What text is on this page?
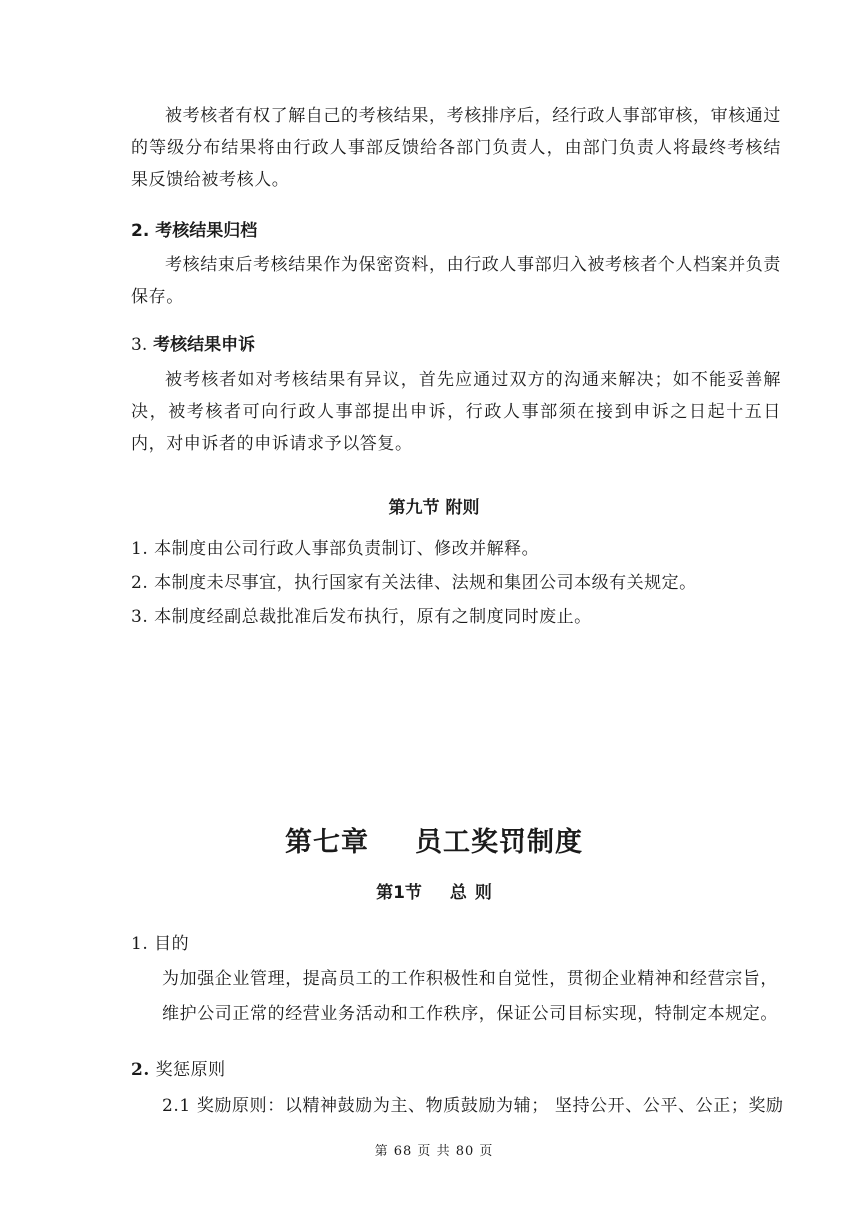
被考核者有权了解自己的考核结果，考核排序后，经行政人事部审核，审核通过的等级分布结果将由行政人事部反馈给各部门负责人，由部门负责人将最终考核结果反馈给被考核人。
2. 考核结果归档
考核结束后考核结果作为保密资料，由行政人事部归入被考核者个人档案并负责保存。
3. 考核结果申诉
被考核者如对考核结果有异议，首先应通过双方的沟通来解决；如不能妥善解决，被考核者可向行政人事部提出申诉，行政人事部须在接到申诉之日起十五日内，对申诉者的申诉请求予以答复。
第九节 附则
1. 本制度由公司行政人事部负责制订、修改并解释。
2. 本制度未尽事宜，执行国家有关法律、法规和集团公司本级有关规定。
3. 本制度经副总裁批准后发布执行，原有之制度同时废止。
第七章 员工奖罚制度
第1节 总 则
1. 目的
为加强企业管理，提高员工的工作积极性和自觉性，贯彻企业精神和经营宗旨，
维护公司正常的经营业务活动和工作秩序，保证公司目标实现，特制定本规定。
2. 奖惩原则
2.1 奖励原则：以精神鼓励为主、物质鼓励为辅； 坚持公开、公平、公正；奖励
第 68 页 共 80 页
